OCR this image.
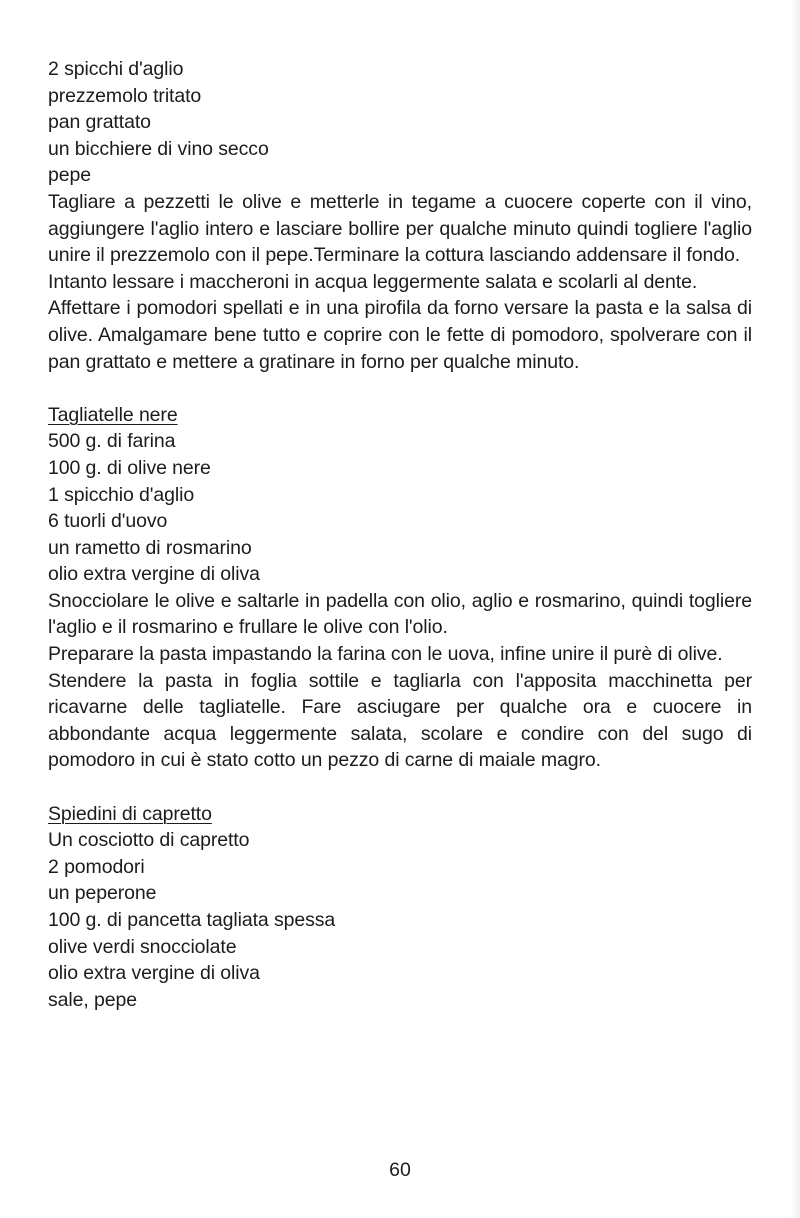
2 spicchi d'aglio
prezzemolo tritato
pan grattato
un bicchiere di vino secco
pepe
Tagliare a pezzetti le olive e metterle in tegame a cuocere coperte con il vino, aggiungere l'aglio intero e lasciare bollire per qualche minuto quindi togliere l'aglio unire il prezzemolo con il pepe.Terminare la cottura lasciando addensare il fondo.
Intanto lessare i maccheroni in acqua leggermente salata e scolarli al dente.
Affettare i pomodori spellati e in una pirofila da forno versare la pasta e la salsa di olive. Amalgamare bene tutto e coprire con le fette di pomodoro, spolverare con il pan grattato e mettere a gratinare in forno per qualche minuto.
Tagliatelle nere
500 g. di farina
100 g. di olive nere
1 spicchio d'aglio
6 tuorli d'uovo
un rametto di rosmarino
olio extra vergine di oliva
Snocciolare le olive e saltarle in padella con olio, aglio e rosmarino, quindi togliere l'aglio e il rosmarino e frullare le olive con l'olio.
Preparare la pasta impastando la farina con le uova, infine unire il purè di olive.
Stendere la pasta in foglia sottile e tagliarla con l'apposita macchinetta per ricavarne delle tagliatelle. Fare asciugare per qualche ora e cuocere in abbondante acqua leggermente salata, scolare e condire con del sugo di pomodoro in cui è stato cotto un pezzo di carne di maiale magro.
Spiedini di capretto
Un cosciotto di capretto
2 pomodori
un peperone
100 g. di pancetta tagliata spessa
olive verdi snocciolate
olio extra vergine di oliva
sale, pepe
60
